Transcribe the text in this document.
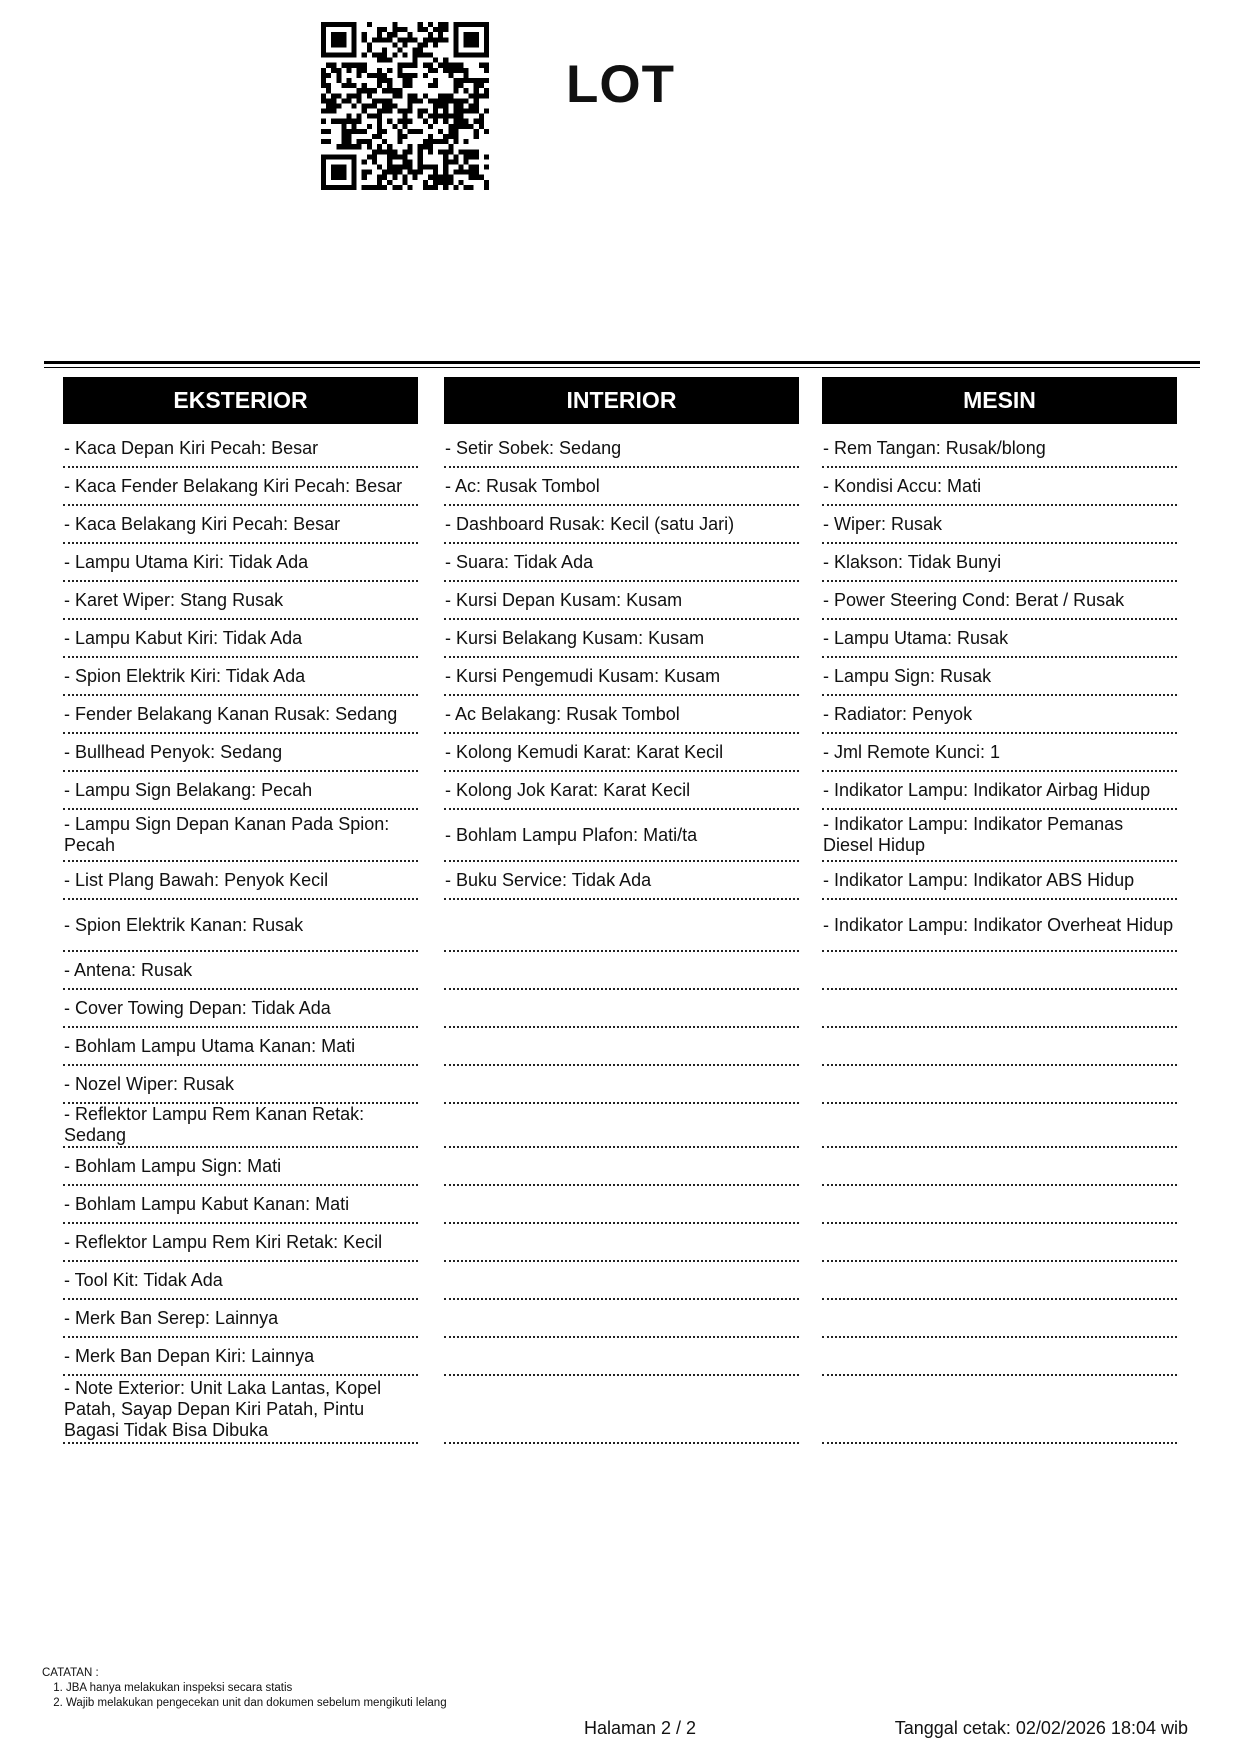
LOT
EKSTERIOR
- Kaca Depan Kiri Pecah: Besar
- Kaca Fender Belakang Kiri Pecah: Besar
- Kaca Belakang Kiri Pecah: Besar
- Lampu Utama Kiri: Tidak Ada
- Karet Wiper: Stang Rusak
- Lampu Kabut Kiri: Tidak Ada
- Spion Elektrik Kiri: Tidak Ada
- Fender Belakang Kanan Rusak: Sedang
- Bullhead Penyok: Sedang
- Lampu Sign Belakang: Pecah
- Lampu Sign Depan Kanan Pada Spion: Pecah
- List Plang Bawah: Penyok Kecil
- Spion Elektrik Kanan: Rusak
- Antena: Rusak
- Cover Towing Depan: Tidak Ada
- Bohlam Lampu Utama Kanan: Mati
- Nozel Wiper: Rusak
- Reflektor Lampu Rem Kanan Retak: Sedang
- Bohlam Lampu Sign: Mati
- Bohlam Lampu Kabut Kanan: Mati
- Reflektor Lampu Rem Kiri Retak: Kecil
- Tool Kit: Tidak Ada
- Merk Ban Serep: Lainnya
- Merk Ban Depan Kiri: Lainnya
- Note Exterior: Unit Laka Lantas, Kopel Patah, Sayap Depan Kiri Patah, Pintu Bagasi Tidak Bisa Dibuka
INTERIOR
- Setir Sobek: Sedang
- Ac: Rusak Tombol
- Dashboard Rusak: Kecil (satu Jari)
- Suara: Tidak Ada
- Kursi Depan Kusam: Kusam
- Kursi Belakang Kusam: Kusam
- Kursi Pengemudi Kusam: Kusam
- Ac Belakang: Rusak Tombol
- Kolong Kemudi Karat: Karat Kecil
- Kolong Jok Karat: Karat Kecil
- Bohlam Lampu Plafon: Mati/ta
- Buku Service: Tidak Ada
MESIN
- Rem Tangan: Rusak/blong
- Kondisi Accu: Mati
- Wiper: Rusak
- Klakson: Tidak Bunyi
- Power Steering Cond: Berat / Rusak
- Lampu Utama: Rusak
- Lampu Sign: Rusak
- Radiator: Penyok
- Jml Remote Kunci: 1
- Indikator Lampu: Indikator Airbag Hidup
- Indikator Lampu: Indikator Pemanas Diesel Hidup
- Indikator Lampu: Indikator ABS Hidup
- Indikator Lampu: Indikator Overheat Hidup
CATATAN :
1. JBA hanya melakukan inspeksi secara statis
2. Wajib melakukan pengecekan unit dan dokumen sebelum mengikuti lelang
Halaman 2 / 2	Tanggal cetak: 02/02/2026 18:04 wib
